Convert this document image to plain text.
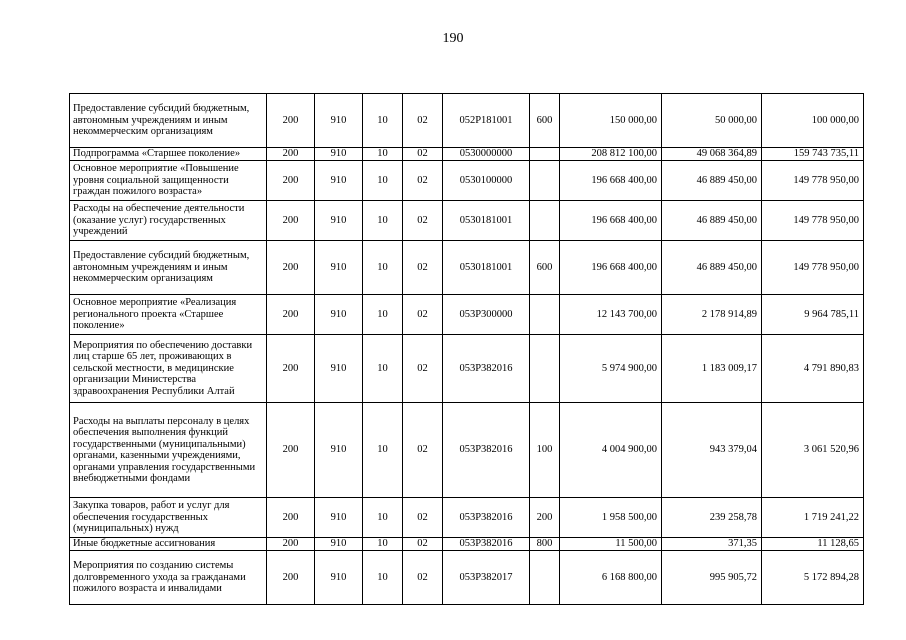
190
Предоставление субсидий бюджетным, автономным учреждениям и иным некоммерческим организациям	200	910	10	02	052P181001	600	150 000,00	50 000,00	100 000,00
Подпрограмма «Старшее поколение»	200	910	10	02	0530000000		208 812 100,00	49 068 364,89	159 743 735,11
Основное мероприятие «Повышение уровня социальной защищенности граждан пожилого возраста»	200	910	10	02	0530100000		196 668 400,00	46 889 450,00	149 778 950,00
Расходы на обеспечение деятельности (оказание услуг) государственных учреждений	200	910	10	02	0530181001		196 668 400,00	46 889 450,00	149 778 950,00
Предоставление субсидий бюджетным, автономным учреждениям и иным некоммерческим организациям	200	910	10	02	0530181001	600	196 668 400,00	46 889 450,00	149 778 950,00
Основное мероприятие «Реализация регионального проекта «Старшее поколение»	200	910	10	02	053P300000		12 143 700,00	2 178 914,89	9 964 785,11
Мероприятия по обеспечению доставки лиц старше 65 лет, проживающих в сельской местности, в медицинские организации Министерства здравоохранения Республики Алтай	200	910	10	02	053P382016		5 974 900,00	1 183 009,17	4 791 890,83
Расходы на выплаты персоналу в целях обеспечения выполнения функций государственными (муниципальными) органами, казенными учреждениями, органами управления государственными внебюджетными фондами	200	910	10	02	053P382016	100	4 004 900,00	943 379,04	3 061 520,96
Закупка товаров, работ и услуг для обеспечения государственных (муниципальных) нужд	200	910	10	02	053P382016	200	1 958 500,00	239 258,78	1 719 241,22
Иные бюджетные ассигнования	200	910	10	02	053P382016	800	11 500,00	371,35	11 128,65
Мероприятия по созданию системы долговременного ухода за гражданами пожилого возраста и инвалидами	200	910	10	02	053P382017		6 168 800,00	995 905,72	5 172 894,28
